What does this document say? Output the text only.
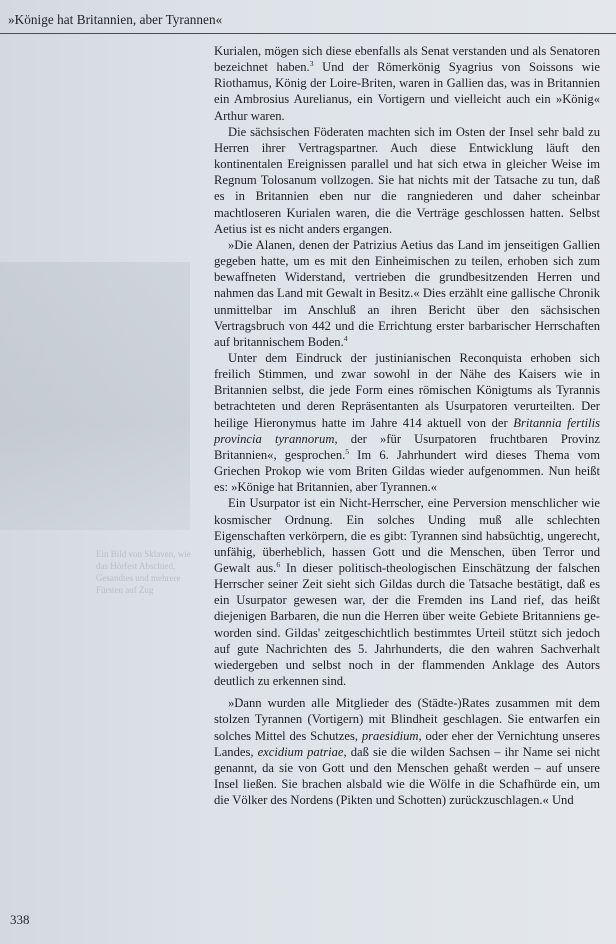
»Könige hat Britannien, aber Tyrannen«
Ein Bild von Sklaven, wie das Hörfest Abschied, Gesandtes und mehrere Fürsten auf Zug

Kurialen, mögen sich diese ebenfalls als Senat verstanden und als Senatoren bezeichnet haben.$^3$ Und der Römerkönig Syagrius von Soissons wie Riothamus, König der Loire-Briten, waren in Gallien das, was in Britannien ein Ambrosius Aurelianus, ein Vortigern und vielleicht auch ein »König« Arthur waren.

Die sächsischen Föderaten machten sich im Osten der Insel sehr bald zu Herren ihrer Vertragspartner. Auch diese Entwicklung läuft den kontinentalen Ereignissen parallel und hat sich etwa in gleicher Weise im Regnum Tolosanum vollzogen. Sie hat nichts mit der Tatsache zu tun, daß es in Britannien eben nur die rangniederen und daher scheinbar machtloseren Kurialen waren, die die Verträge geschlossen hatten. Selbst Aetius ist es nicht anders ergangen.

»Die Alanen, denen der Patrizius Aetius das Land im jenseitigen Gallien gegeben hatte, um es mit den Einheimischen zu teilen, erhoben sich zum bewaffneten Widerstand, vertrieben die grundbesitzenden Herren und nahmen das Land mit Gewalt in Besitz.« Dies erzählt eine gallische Chronik unmittelbar im Anschluß an ihren Bericht über den sächsischen Vertragsbruch von 442 und die Errichtung erster barbarischer Herrschaften auf britannischem Boden.$^4$

Unter dem Eindruck der justinianischen Reconquista erhoben sich freilich Stimmen, und zwar sowohl in der Nähe des Kaisers wie in Britannien selbst, die jede Form eines römischen Königtums als Tyrannis betrachteten und deren Repräsentanten als Usurpatoren verurteilten. Der heilige Hieronymus hatte im Jahre 414 aktuell von der Britannia fertilis provincia tyrannorum, der »für Usurpatoren fruchtbaren Provinz Britannien«, gesprochen.$^5$ Im 6. Jahrhundert wird dieses Thema vom Griechen Prokop wie vom Briten Gildas wieder aufgenommen. Nun heißt es: »Könige hat Britannien, aber Tyrannen.«

Ein Usurpator ist ein Nicht-Herrscher, eine Perversion menschlicher wie kosmischer Ordnung. Ein solches Unding muß alle schlechten Eigenschaften verkörpern, die es gibt: Tyrannen sind habsüchtig, ungerecht, unfähig, überheblich, hassen Gott und die Menschen, üben Terror und Gewalt aus.$^6$ In dieser politisch-theologischen Einschätzung der falschen Herrscher seiner Zeit sieht sich Gildas durch die Tatsache bestätigt, daß es ein Usurpator gewesen war, der die Fremden ins Land rief, das heißt diejenigen Barbaren, die nun die Herren über weite Gebiete Britanniens geworden sind. Gildas' zeitgeschichtlich bestimmtes Urteil stützt sich jedoch auf gute Nachrichten des 5. Jahrhunderts, die den wahren Sachverhalt wiedergeben und selbst noch in der flammenden Anklage des Autors deutlich zu erkennen sind.

»Dann wurden alle Mitglieder des (Städte-)Rates zusammen mit dem stolzen Tyrannen (Vortigern) mit Blindheit geschlagen. Sie entwarfen ein solches Mittel des Schutzes, praesidium, oder eher der Vernichtung unseres Landes, excidium patriae, daß sie die wilden Sachsen – ihr Name sei nicht genannt, da sie von Gott und den Menschen gehaßt werden – auf unsere Insel ließen. Sie brachen alsbald wie die Wölfe in die Schafhürde ein, um die Völker des Nordens (Pikten und Schotten) zurückzuschlagen.« Und

338
